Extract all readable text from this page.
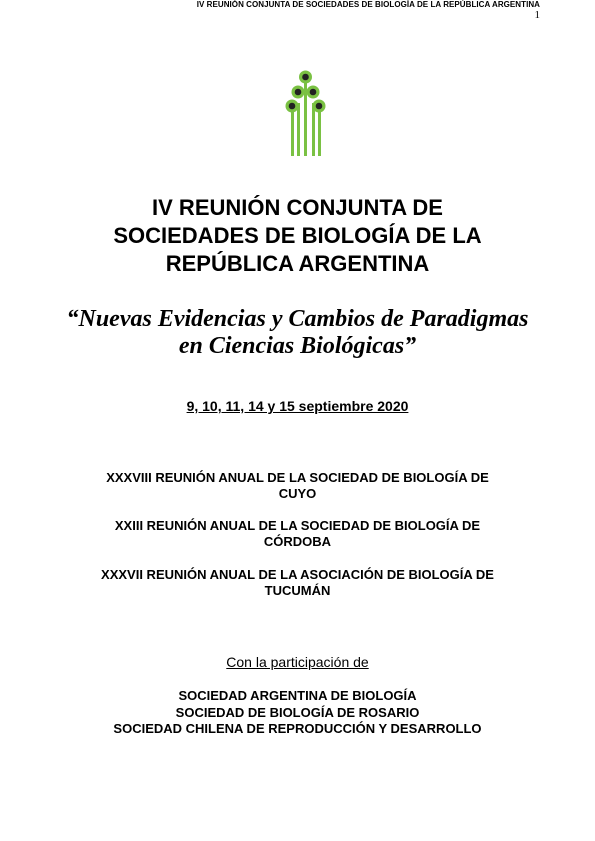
IV REUNIÓN CONJUNTA DE SOCIEDADES DE BIOLOGÍA DE LA REPÚBLICA ARGENTINA
IV REUNIÓN CONJUNTA DE
SOCIEDADES DE BIOLOGÍA DE LA
REPÚBLICA ARGENTINA
“Nuevas Evidencias y Cambios de Paradigmas
en Ciencias Biológicas”
9, 10, 11, 14 y 15 septiembre 2020
XXXVIII REUNIÓN ANUAL DE LA SOCIEDAD DE BIOLOGÍA DE
CUYO
XXIII REUNIÓN ANUAL DE LA SOCIEDAD DE BIOLOGÍA DE
CÓRDOBA
XXXVII REUNIÓN ANUAL DE LA ASOCIACIÓN DE BIOLOGÍA DE
TUCUMÁN
Con la participación de
SOCIEDAD ARGENTINA DE BIOLOGÍA
SOCIEDAD DE BIOLOGÍA DE ROSARIO
SOCIEDAD CHILENA DE REPRODUCCIÓN Y DESARROLLO
1
